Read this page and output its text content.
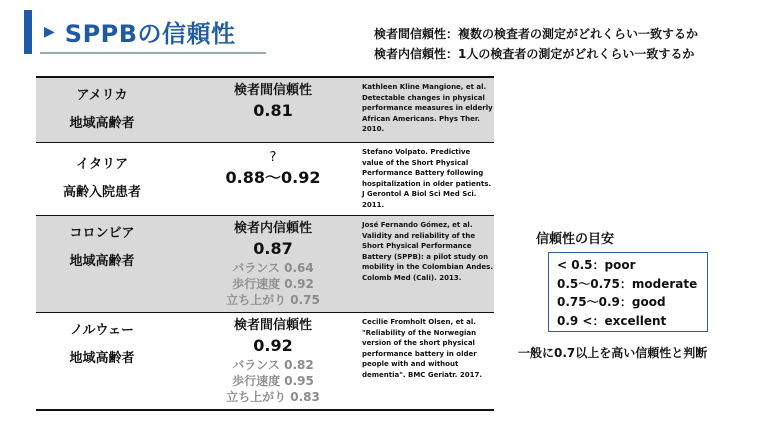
▶ SPPBの信頼性	検者間信頼性：複数の検査者の測定がどれくらい一致するか
検者内信頼性：1人の検査者の測定がどれくらい一致するか
アメリカ
地域高齢者
検者間信頼性
0.81
Kathleen Kline Mangione, et al. Detectable changes in physical performance measures in elderly African Americans. Phys Ther. 2010.
イタリア
高齢入院患者
?
0.88〜0.92
Stefano Volpato. Predictive value of the Short Physical Performance Battery following hospitalization in older patients. J Gerontol A Biol Sci Med Sci. 2011.
コロンビア
地域高齢者
検者内信頼性
0.87
バランス 0.64
歩行速度 0.92
立ち上がり 0.75
José Fernando Gómez, et al. Validity and reliability of the Short Physical Performance Battery (SPPB): a pilot study on mobility in the Colombian Andes. Colomb Med (Cali). 2013.
ノルウェー
地域高齢者
検者間信頼性
0.92
バランス 0.82
歩行速度 0.95
立ち上がり 0.83
Cecilie Fromholt Olsen, et al. "Reliability of the Norwegian version of the short physical performance battery in older people with and without dementia". BMC Geriatr. 2017.
信頼性の目安
< 0.5：poor
0.5〜0.75：moderate
0.75〜0.9：good
0.9 <：excellent
一般に0.7以上を高い信頼性と判断
